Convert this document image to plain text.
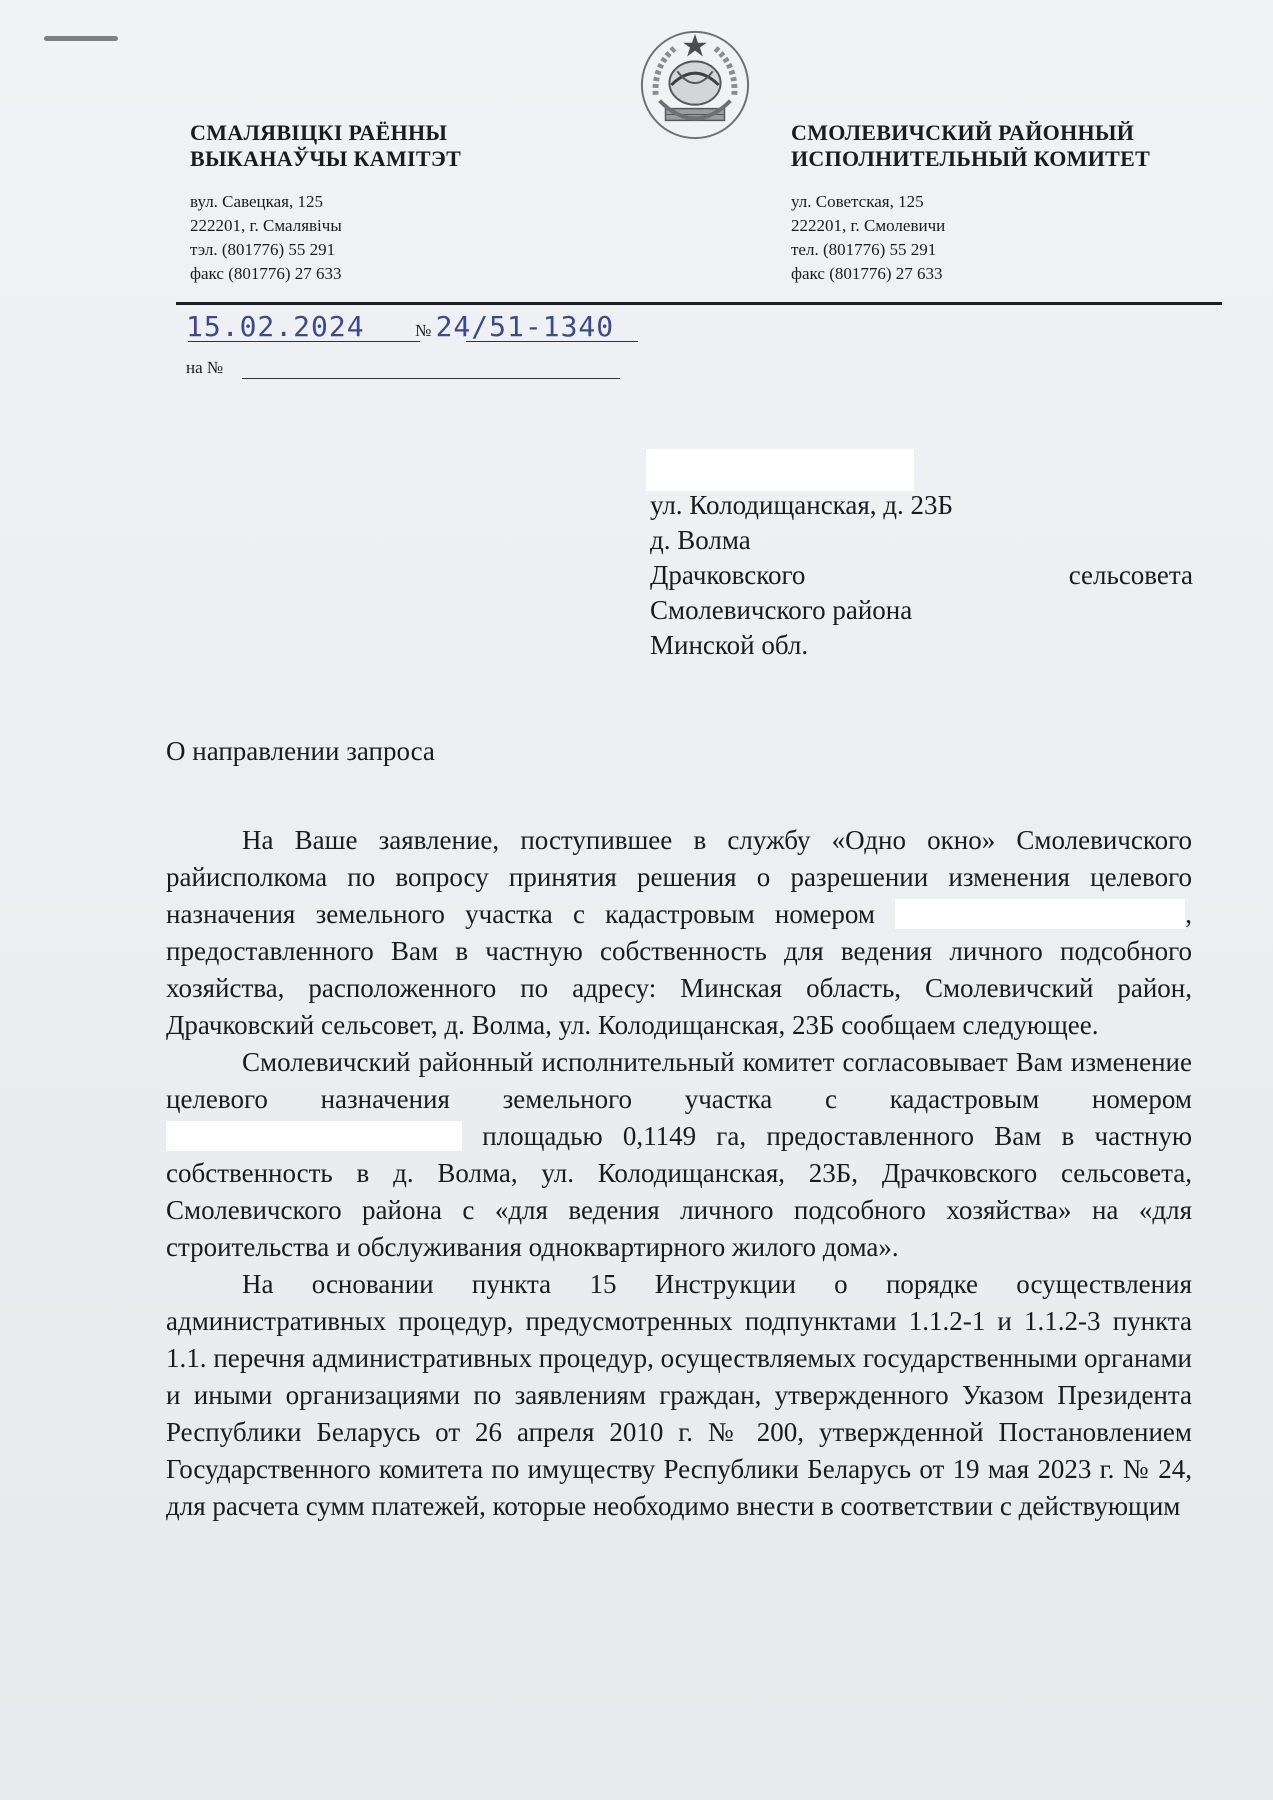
СМАЛЯВІЦКІ РАЁННЫ
ВЫКАНАЎЧЫ КАМІТЭТ
вул. Савецкая, 125
222201, г. Смалявічы
тэл. (801776) 55 291
факс (801776) 27 633
СМОЛЕВИЧСКИЙ РАЙОННЫЙ
ИСПОЛНИТЕЛЬНЫЙ КОМИТЕТ
ул. Советская, 125
222201, г. Смолевичи
тел. (801776) 55 291
факс (801776) 27 633
15.02.2024	№ 24/51-1340
на №
ул. Колодищанская, д. 23Б
д. Волма
Драчковского	сельсовета
Смолевичского района
Минской обл.
О направлении запроса

На Ваше заявление, поступившее в службу «Одно окно» Смолевичского райисполкома по вопросу принятия решения о разрешении изменения целевого назначения земельного участка с кадастровым номером	, предоставленного Вам в частную собственность для ведения личного подсобного хозяйства, расположенного по адресу: Минская область, Смолевичский район, Драчковский сельсовет, д. Волма, ул. Колодищанская, 23Б сообщаем следующее.

Смолевичский районный исполнительный комитет согласовывает Вам изменение целевого назначения земельного участка с кадастровым номером  площадью 0,1149 га, предоставленного Вам в частную собственность в д. Волма, ул. Колодищанская, 23Б, Драчковского сельсовета, Смолевичского района с «для ведения личного подсобного хозяйства» на «для строительства и обслуживания одноквартирного жилого дома».

На основании пункта 15 Инструкции о порядке осуществления административных процедур, предусмотренных подпунктами 1.1.2-1 и 1.1.2-3 пункта 1.1. перечня административных процедур, осуществляемых государственными органами и иными организациями по заявлениям граждан, утвержденного Указом Президента Республики Беларусь от 26 апреля 2010 г. № 200, утвержденной Постановлением Государственного комитета по имуществу Республики Беларусь от 19 мая 2023 г. № 24, для расчета сумм платежей, которые необходимо внести в соответствии с действующим
